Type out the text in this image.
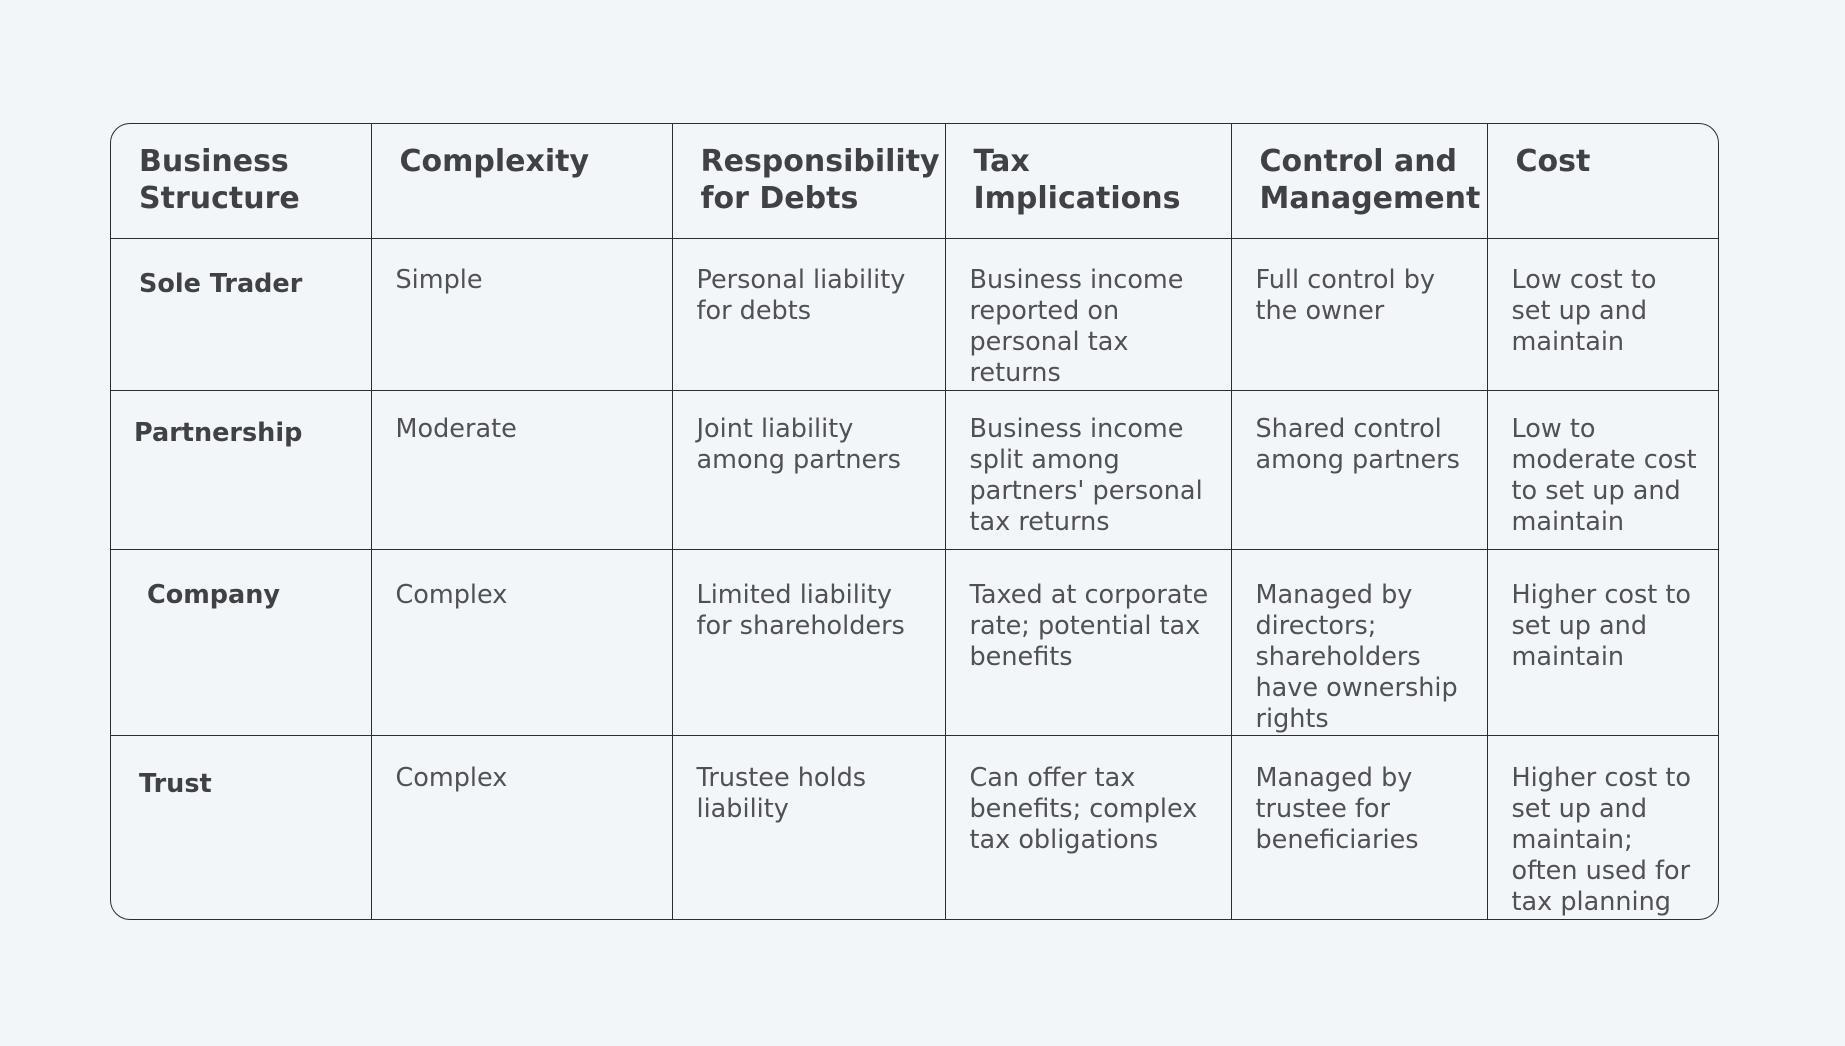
Business Structure	Complexity	Responsibility for Debts	Tax Implications	Control and Management	Cost
Sole Trader	Simple	Personal liability for debts	Business income reported on personal tax returns	Full control by the owner	Low cost to set up and maintain
Partnership	Moderate	Joint liability among partners	Business income split among partners' personal tax returns	Shared control among partners	Low to moderate cost to set up and maintain
Company	Complex	Limited liability for shareholders	Taxed at corporate rate; potential tax benefits	Managed by directors; shareholders have ownership rights	Higher cost to set up and maintain
Trust	Complex	Trustee holds liability	Can offer tax benefits; complex tax obligations	Managed by trustee for beneficiaries	Higher cost to set up and maintain; often used for tax planning
